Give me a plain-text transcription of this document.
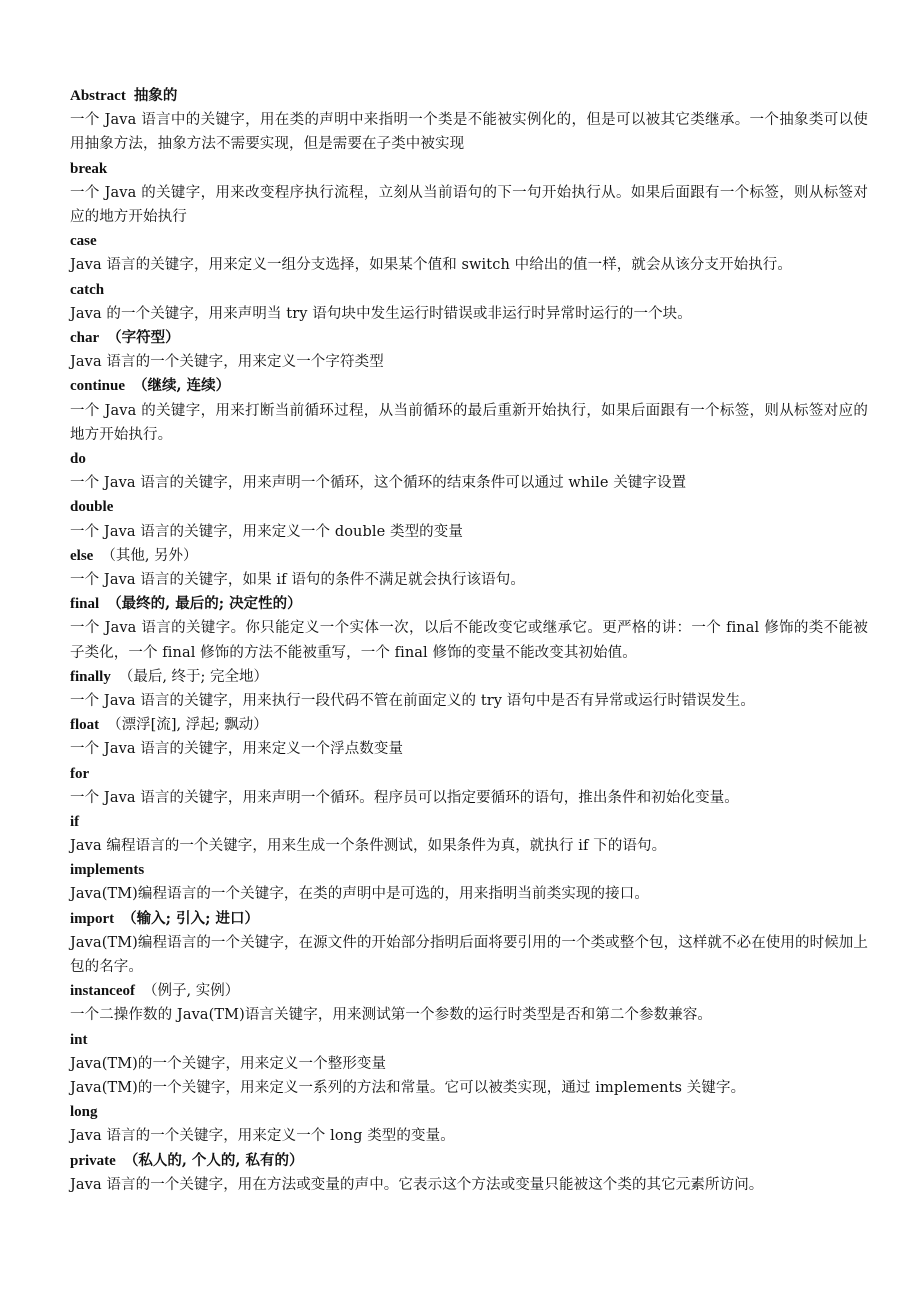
Abstract 抽象的

一个 Java 语言中的关键字，用在类的声明中来指明一个类是不能被实例化的，但是可以被其它类继承。一个抽象类可以使用抽象方法，抽象方法不需要实现，但是需要在子类中被实现

break

一个 Java 的关键字，用来改变程序执行流程，立刻从当前语句的下一句开始执行从。如果后面跟有一个标签，则从标签对应的地方开始执行

case

Java 语言的关键字，用来定义一组分支选择，如果某个值和 switch 中给出的值一样，就会从该分支开始执行。

catch

Java 的一个关键字，用来声明当 try 语句块中发生运行时错误或非运行时异常时运行的一个块。

char （字符型）

Java 语言的一个关键字，用来定义一个字符类型

continue （继续, 连续）

一个 Java 的关键字，用来打断当前循环过程，从当前循环的最后重新开始执行，如果后面跟有一个标签，则从标签对应的地方开始执行。

do

一个 Java 语言的关键字，用来声明一个循环，这个循环的结束条件可以通过 while 关键字设置

double

一个 Java 语言的关键字，用来定义一个 double 类型的变量

else （其他, 另外）

一个 Java 语言的关键字，如果 if 语句的条件不满足就会执行该语句。

final （最终的, 最后的; 决定性的）

一个 Java 语言的关键字。你只能定义一个实体一次，以后不能改变它或继承它。更严格的讲：一个 final 修饰的类不能被子类化，一个 final 修饰的方法不能被重写，一个 final 修饰的变量不能改变其初始值。

finally （最后, 终于; 完全地）

一个 Java 语言的关键字，用来执行一段代码不管在前面定义的 try 语句中是否有异常或运行时错误发生。

float （漂浮[流], 浮起; 飘动）

一个 Java 语言的关键字，用来定义一个浮点数变量

for

一个 Java 语言的关键字，用来声明一个循环。程序员可以指定要循环的语句，推出条件和初始化变量。

if

Java 编程语言的一个关键字，用来生成一个条件测试，如果条件为真，就执行 if 下的语句。

implements

Java(TM)编程语言的一个关键字，在类的声明中是可选的，用来指明当前类实现的接口。

import （输入; 引入; 进口）

Java(TM)编程语言的一个关键字，在源文件的开始部分指明后面将要引用的一个类或整个包，这样就不必在使用的时候加上包的名字。

instanceof （例子, 实例）

一个二操作数的 Java(TM)语言关键字，用来测试第一个参数的运行时类型是否和第二个参数兼容。

int

Java(TM)的一个关键字，用来定义一个整形变量

Java(TM)的一个关键字，用来定义一系列的方法和常量。它可以被类实现，通过 implements 关键字。

long

Java 语言的一个关键字，用来定义一个 long 类型的变量。

private （私人的, 个人的, 私有的）

Java 语言的一个关键字，用在方法或变量的声中。它表示这个方法或变量只能被这个类的其它元素所访问。
